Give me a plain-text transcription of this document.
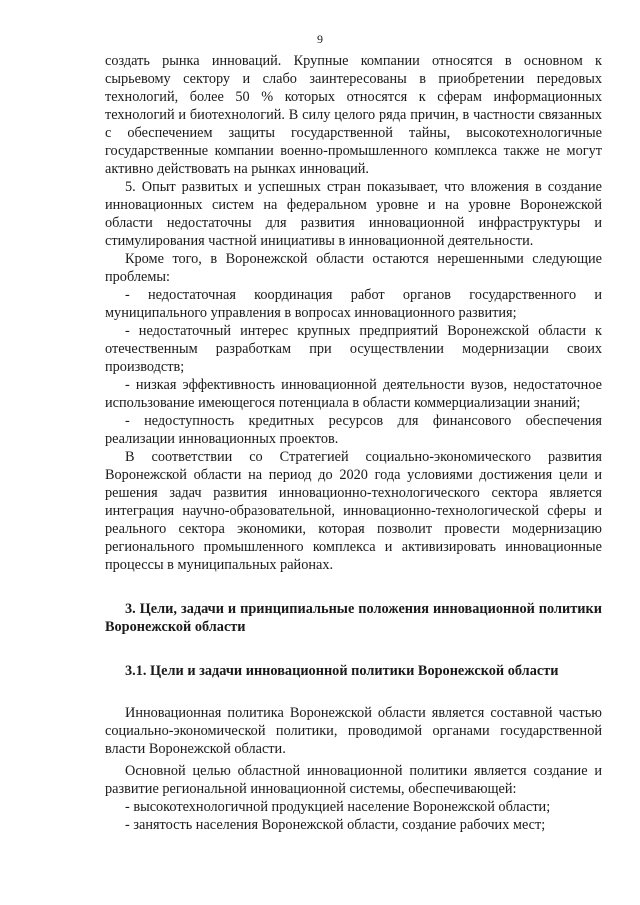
9

создать рынка инноваций. Крупные компании относятся в основном к сырьевому сектору и слабо заинтересованы в приобретении передовых технологий, более 50 % которых относятся к сферам информационных технологий и биотехнологий. В силу целого ряда причин, в частности связанных с обеспечением защиты государственной тайны, высокотехнологичные государственные компании военно-промышленного комплекса также не могут активно действовать на рынках инноваций.

5. Опыт развитых и успешных стран показывает, что вложения в создание инновационных систем на федеральном уровне и на уровне Воронежской области недостаточны для развития инновационной инфраструктуры и стимулирования частной инициативы в инновационной деятельности.

Кроме того, в Воронежской области остаются нерешенными следующие проблемы:

- недостаточная координация работ органов государственного и муниципального управления в вопросах инновационного развития;

- недостаточный интерес крупных предприятий Воронежской области к отечественным разработкам при осуществлении модернизации своих производств;

- низкая эффективность инновационной деятельности вузов, недостаточное использование имеющегося потенциала в области коммерциализации знаний;

- недоступность кредитных ресурсов для финансового обеспечения реализации инновационных проектов.

В соответствии со Стратегией социально-экономического развития Воронежской области на период до 2020 года условиями достижения цели и решения задач развития инновационно-технологического сектора является интеграция научно-образовательной, инновационно-технологической сферы и реального сектора экономики, которая позволит провести модернизацию регионального промышленного комплекса и активизировать инновационные процессы в муниципальных районах.

3. Цели, задачи и принципиальные положения инновационной политики Воронежской области
3.1. Цели и задачи инновационной политики Воронежской области

Инновационная политика Воронежской области является составной частью социально-экономической политики, проводимой органами государственной власти Воронежской области.

Основной целью областной инновационной политики является создание и развитие региональной инновационной системы, обеспечивающей:

- высокотехнологичной продукцией население Воронежской области;

- занятость населения Воронежской области, создание рабочих мест;
